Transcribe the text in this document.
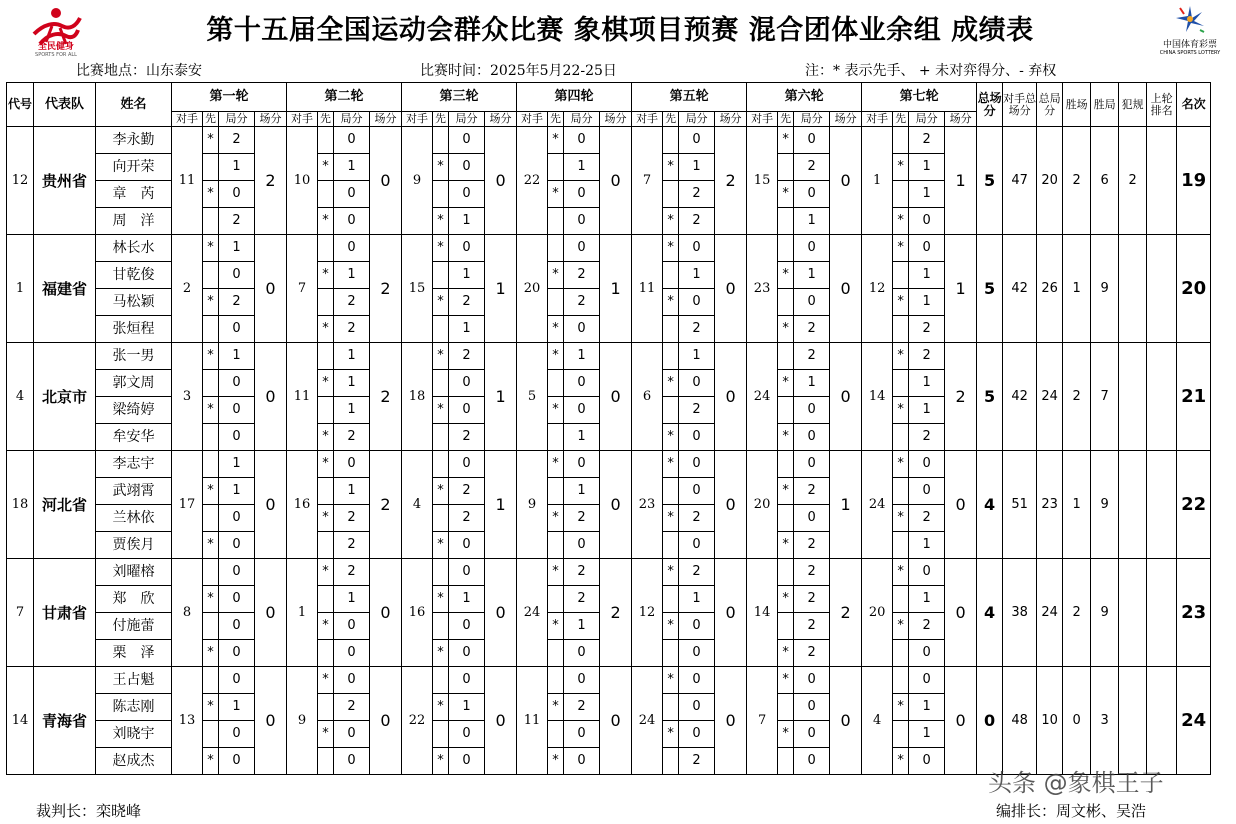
全民健身
SPORTS FOR ALL
第十五届全国运动会群众比赛 象棋项目预赛 混合团体业余组 成绩表	中国体育彩票
CHINA SPORTS LOTTERY
比赛地点：山东泰安	比赛时间：2025年5月22-25日	注：* 表示先手、 + 未对弈得分、- 弃权
代号	代表队	姓名	第一轮				第二轮				第三轮				第四轮				第五轮				第六轮				第七轮				总场分	对手总场分	总局分	胜场	胜局	犯规	上轮排名	名次
			对手	先	局分	场分	对手	先	局分	场分	对手	先	局分	场分	对手	先	局分	场分	对手	先	局分	场分	对手	先	局分	场分	对手	先	局分	场分								
12	贵州省	李永勤	11	*	2	2	10		0	0	9		0	0	22	*	0	0	7		0	2	15	*	0	0	1		2	1	5	47	20	2	6	2		19
		向开荣			1			*	1			*	0				1			*	1				2			*	1									
		章　芮		*	0				0				0			*	0				2			*	0				1									
		周　洋			2			*	0			*	1				0			*	2				1			*	0									
1	福建省	林长水	2	*	1	0	7		0	2	15	*	0	1	20		0	1	11	*	0	0	23		0	0	12	*	0	1	5	42	26	1	9			20
		甘乾俊			0			*	1				1			*	2				1			*	1				1									
		马松颖		*	2				2			*	2				2			*	0				0			*	1									
		张烜程			0			*	2				1			*	0				2			*	2				2									
4	北京市	张一男	3	*	1	0	11		1	2	18	*	2	1	5	*	1	0	6		1	0	24		2	0	14	*	2	2	5	42	24	2	7			21
		郭文周			0			*	1				0				0			*	0			*	1				1									
		梁绮婷		*	0				1			*	0			*	0				2				0			*	1									
		牟安华			0			*	2				2				1			*	0			*	0				2									
18	河北省	李志宇	17		1	0	16	*	0	2	4		0	1	9	*	0	0	23	*	0	0	20		0	1	24	*	0	0	4	51	23	1	9			22
		武翊霄		*	1				1			*	2				1				0			*	2				0									
		兰林依			0			*	2				2			*	2			*	2				0			*	2									
		贾俟月		*	0				2			*	0				0				0			*	2				1									
7	甘肃省	刘曜榕	8		0	0	1	*	2	0	16		0	0	24	*	2	2	12	*	2	0	14		2	2	20	*	0	0	4	38	24	2	9			23
		郑　欣		*	0				1			*	1				2				1			*	2				1									
		付施蕾			0			*	0				0			*	1			*	0				2			*	2									
		栗　泽		*	0				0			*	0				0				0			*	2				0									
14	青海省	王占魁	13		0	0	9	*	0	0	22		0	0	11		0	0	24	*	0	0	7	*	0	0	4		0	0	0	48	10	0	3			24
		陈志刚		*	1				2			*	1			*	2				0				0			*	1									
		刘晓宇			0			*	0				0				0			*	0			*	0				1									
		赵成杰		*	0				0			*	0			*	0				2				0			*	0									
裁判长：栾晓峰
头条 @象棋王子
编排长：周文彬、吴浩
